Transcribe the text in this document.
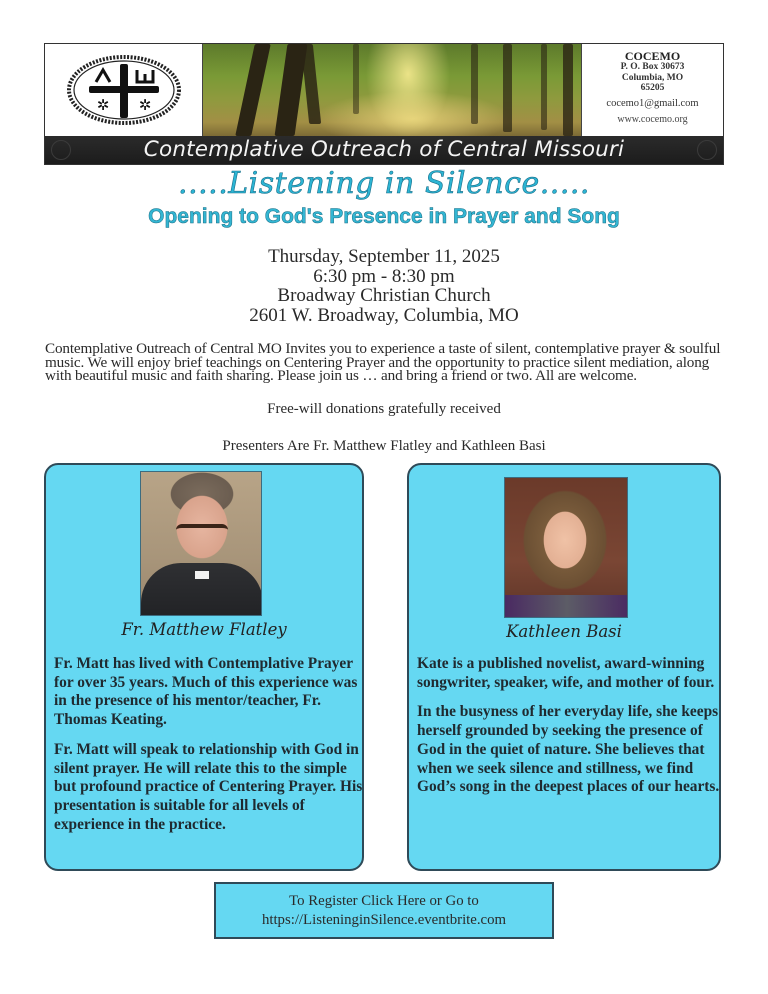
✲ ✲
COCEMO
P. O. Box 30673
Columbia, MO
65205
cocemo1@gmail.com
www.cocemo.org
Contemplative Outreach of Central Missouri
.....Listening in Silence.....
Opening to God's Presence in Prayer and Song
Thursday, September 11, 2025
6:30 pm - 8:30 pm
Broadway Christian Church
2601 W. Broadway, Columbia, MO
Contemplative Outreach of Central MO Invites you to experience a taste of silent, contemplative prayer & soulful music. We will enjoy brief teachings on Centering Prayer and the opportunity to practice silent mediation, along with beautiful music and faith sharing. Please join us … and bring a friend or two. All are welcome.
Free-will donations gratefully received
Presenters Are Fr. Matthew Flatley and Kathleen Basi
Fr. Matthew Flatley

Fr. Matt has lived with Contemplative Prayer for over 35 years. Much of this experience was in the presence of his mentor/teacher, Fr. Thomas Keating.

Fr. Matt will speak to relationship with God in silent prayer. He will relate this to the simple but profound practice of Centering Prayer. His presentation is suitable for all levels of experience in the practice.

Kathleen Basi

Kate is a published novelist, award-winning songwriter, speaker, wife, and mother of four.

In the busyness of her everyday life, she keeps herself grounded by seeking the presence of God in the quiet of nature. She believes that when we seek silence and stillness, we find God’s song in the deepest places of our hearts.

To Register Click Here or Go to
https://ListeninginSilence.eventbrite.com
